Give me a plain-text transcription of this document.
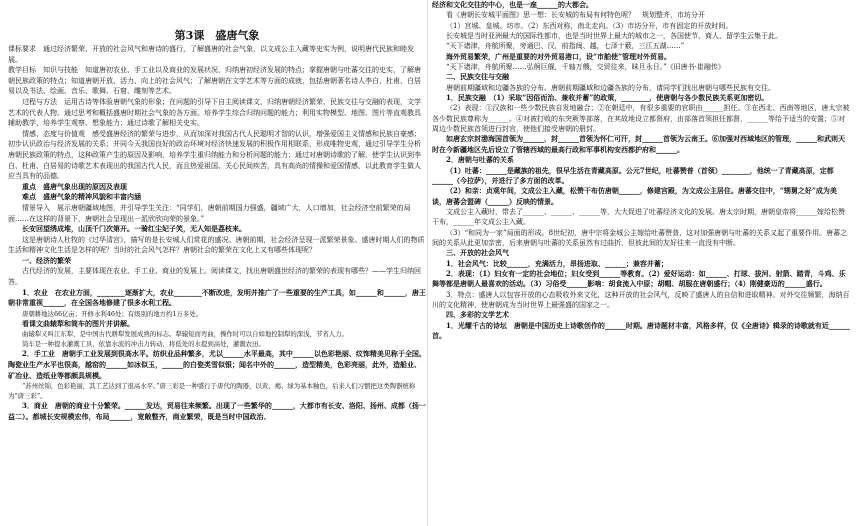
第3课　盛唐气象

课标要求　通过经济繁荣、开放的社会风气和唐诗的盛行，了解盛唐的社会气象，以文成公主入藏等史实为例，说明唐代民族和睦发展。

教学目标　知识与技能　知道唐初农业、手工业以及商业的发展状况，归纳唐初经济发展的特点；掌握唐朝与吐蕃交往的史实，了解唐朝民族政策的特点；知道唐朝开放、活力、向上的社会风气；了解唐朝在文学艺术等方面的成就，包括唐朝著名诗人李白、杜甫、白居易以及书法、绘画、音乐、歌舞、石窟、雕刻等艺术。

过程与方法　运用古诗等体验唐朝气象的形象；在问题的引导下自主阅读课文，归纳唐朝经济繁荣、民族交往与交融的表现，文学艺术的代表人物。通过思考和概括盛唐时期社会气象的各方面。培养学生综合归纳问题的能力；利用实物模型、地图、图片等直观教具辅助教学，培养学生观察、想象能力；通过诗歌了解相关史实。

情感、态度与价值观　感受盛唐经济的繁荣与进步，从而加深对我国古代人民聪明才智的认识，增强爱国主义情感和民族自豪感；初步认识政治与经济发展的关系；并同今天我国良好的政治环境对经济快速发展的积极作用相联系，形成唯物史观，通过引导学生分析唐朝民族政策的特点，这种政策产生的原因及影响，培养学生重归纳能力和分析问题的能力；通过对唐朝诗歌的了解，使学生认识到李白、杜甫、白居易的诗歌艺术表现出的我国古代人民，而且热爱祖国、关心民间疾苦，具有高尚的情操和爱国情感，以此教育学生做人应当具有的品德。

重点　盛唐气象出现的原因及表现

难点　盛唐气象的精神风貌和丰富内涵

情景导入　展示唐朝疆域地图，并引导学生关注：“同学们，唐朝前期国力强盛，疆域广大，人口增加，社会经济空前繁荣的局面……在这样的背景下，唐朝社会呈现出一派欣欣向荣的景象。”

长安回望绣成堆，山顶千门次第开。一骑红尘妃子笑，无人知是荔枝来。

这是唐朝诗人杜牧的《过华清宫》，描写的是长安城人们赏花的盛况。唐朝前期，社会经济呈现一派繁荣景象。盛唐时期人们的物质生活和精神文化生活是怎样的呢？当时的社会风气怎样？唐朝社会的繁荣在文化上又有哪些体现呢？

一、经济的繁荣

古代经济的发展，主要体现在农业、手工业、商业的发展上。阅读课文，找出唐朝盛世经济的繁荣的表现有哪些？——学生归纳回答。

1．农业　在农业方面，________逐渐扩大，农业________不断改进，发明并推广了一些重要的生产工具，如______和______，唐王朝非常重视______，在全国各地修建了很多水利工程。

唐朝耕地达66亿亩；开修水利46处；有级别的地方约1万多处。

看课文曲辕犁和筒车的图片并讲解。

曲辕犁又叫江东犁，是中国古代耕犁发展成熟的标志。犁辕短而弯曲，操作时可以自如地控制犁的深浅，节省人力。

筒车是一种提水灌溉工具，依靠水流的冲击力转动，将低处的水提到高处，灌溉农田。

2．手工业　唐朝手工业发展到很高水平。纺织业品种繁多，尤以______水平最高，其中______以色彩艳丽、纹饰精美见称于全国。陶瓷业生产水平也很高，越窑的______如冰似玉，______的白瓷类雪似银；闻名中外的______，造型精美，色彩亮丽，此外，造船业、矿冶业、造纸业等都颇具规模。

“苏州丝锦，色彩艳丽，其工艺达到了很高水平。”唐三彩是一种盛行于唐代的陶器，以黄、褐、绿为基本釉色，后来人们习惯把这类陶器统称为“唐三彩”。

3．商业　唐朝的商业十分繁荣。______发达，贸易往来频繁。出现了一些繁华的______，大都市有长安、洛阳、扬州、成都（扬一益二）。都城长安规模宏伟，布局______，宽敞整齐，商业繁荣，既是当时中国政治、

经济和文化交往的中心，也是一座______的大都会。

看《唐朝长安城平面图》思一想：长安城的布局有何特色呢？　规划整齐，市坊分开

（1）宫城、皇城、坊市。（2）东西对称，南北走向。（3）市坊分开，市有固定的开放时间。

长安城是当时亚洲最大的国际性都市，也是当时世界上最大的城市之一，各国使节、商人、留学生云集于此。

“天下诸津，舟航所聚，旁通巴、汉，前指闽、越，七泽十薮，三江五湖……”

海外贸易繁荣，广州是重要的对外贸易港口，设“市舶使”管理对外贸易。

“天下诸津，舟航所聚……弘舸巨舰，千轴万艘，交贸往来，昧旦永日。”《旧唐书·崔融传》

二、民族交往与交融

唐朝前期疆域和边疆各族的分布。唐朝前期疆域和边疆各族的分布，请同学们找出唐朝与哪些民族有交往。

1．民族交融　（1）采取“因俗而治、兼收并蓄”的政策，________，使唐朝与各少数民族关系更加密切。

（2）表现：①汉族和一些少数民族自发地融合；②在朝廷中，有很多重要的官职由______担任。③在西北、西南等地区，唐太宗被各少数民族尊称为______。④对被打败的东突厥等部落，在其故地设立都督府，由部落首领担任都督，______等给予适当的安置；⑤对周边少数民族首领进行封官，使他们接受唐朝的册封。

如唐玄宗封渤海国首领为______，封______首领为怀仁可汗，封______首领为云南王。⑥加强对西域地区的管理，______和武则天时在今新疆地区先后设立了管辖西域的最高行政和军事机构安西都护府和______。

2．唐朝与吐蕃的关系

（1）吐蕃：______是藏族的祖先，很早生活在青藏高原。公元7世纪，吐蕃赞普（首领）________，他统一了青藏高原，定都______（今拉萨），并进行了多方面的改革。

（2）和亲：贞观年间，文成公主入藏，松赞干布仿唐朝______，修建宫殿，为文成公主居住。唐蕃交往中，“甥舅之好”成为美谈，唐蕃会盟碑（______）反映的情景。

文成公主入藏时，带去了______、______、______等，大大促进了吐蕃经济文化的发展。唐太宗时期，唐朝皇帝将______嫁给松赞干布，______年文成公主入藏。

（3）“和同为一家”局面的形成。8世纪初，唐中宗将金城公主嫁给吐蕃赞普，这对加强唐朝与吐蕃的关系又起了重要作用。唐蕃之间的关系从此更加亲密，后来唐朝与吐蕃的关系虽然有过曲折，但彼此间的友好往来一直没有中断。

三、开放的社会风气

1．社会风气：比较______，充满活力，昂扬进取、______；兼容并蓄；

2．表现：（1）妇女有一定的社会地位；妇女受到______等教育。（2）爱好运动：如______、打球、拔河、射箭、踏青，斗鸡、乐舞等都是唐朝人最喜欢的活动。（3）习俗受______影响：胡食流入中原；胡帽、胡服在唐朝盛行；（4）刚健豪迈的______盛行。

3．特点：盛唐人以包容开放的心态吸收外来文化，这种开放的社会风气，反映了盛唐人的自信和进取精神。对外交往频繁，海纳百川的文化精神，使唐朝成为当时世界上最强盛的国家之一。

四、多彩的文学艺术

1．光耀千古的诗坛　唐朝是中国历史上诗歌创作的______时期。唐诗题材丰富，风格多样，仅《全唐诗》辑录的诗歌就有近______首。
